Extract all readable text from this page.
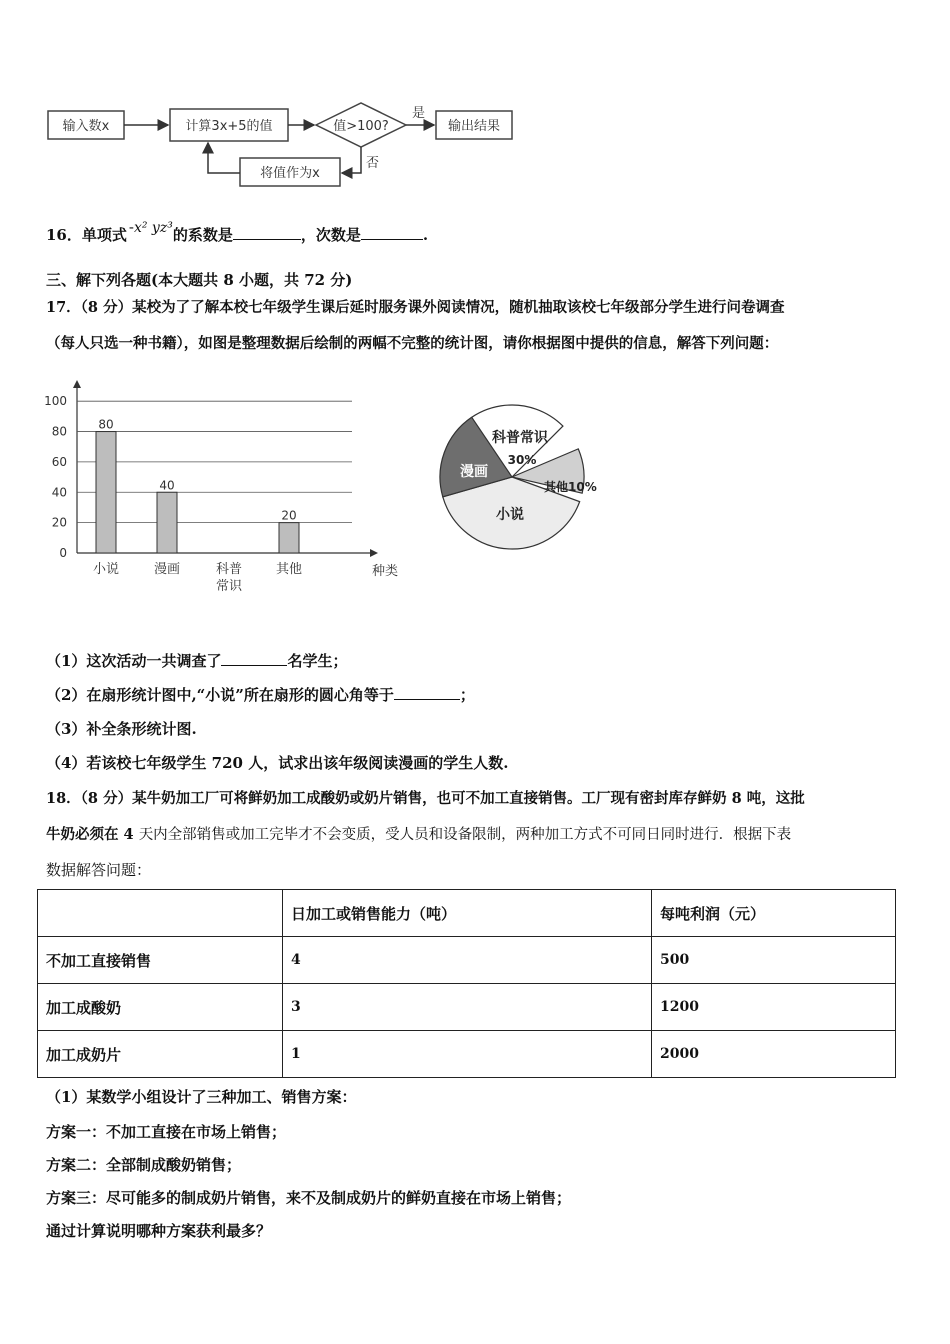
输入数x	计算3x+5的值	值>100?
是
输出结果
否
将值作为x
16．单项式 -x² yz³的系数是	，次数是	.
三、解下列各题(本大题共 8 小题，共 72 分)
17．（8 分）某校为了了解本校七年级学生课后延时服务课外阅读情况，随机抽取该校七年级部分学生进行问卷调查
（每人只选一种书籍），如图是整理数据后绘制的两幅不完整的统计图，请你根据图中提供的信息，解答下列问题：
0
20
40
60
80
100
80
小说
40
漫画	科普
常识
20
其他	种类
科普常识
30%
其他10%
小说
漫画
（1）这次活动一共调查了	名学生；
（2）在扇形统计图中,“小说”所在扇形的圆心角等于	；
（3）补全条形统计图.
（4）若该校七年级学生 720 人，试求出该年级阅读漫画的学生人数.
18．（8 分）某牛奶加工厂可将鲜奶加工成酸奶或奶片销售，也可不加工直接销售。工厂现有密封库存鲜奶 8 吨，这批
牛奶必须在 4 天内全部销售或加工完毕才不会变质，受人员和设备限制，两种加工方式不可同日同时进行．根据下表
数据解答问题：
	日加工或销售能力（吨）	每吨利润（元）
不加工直接销售	4	500
加工成酸奶	3	1200
加工成奶片	1	2000
（1）某数学小组设计了三种加工、销售方案：
方案一：不加工直接在市场上销售；
方案二：全部制成酸奶销售；
方案三：尽可能多的制成奶片销售，来不及制成奶片的鲜奶直接在市场上销售；
通过计算说明哪种方案获利最多？
